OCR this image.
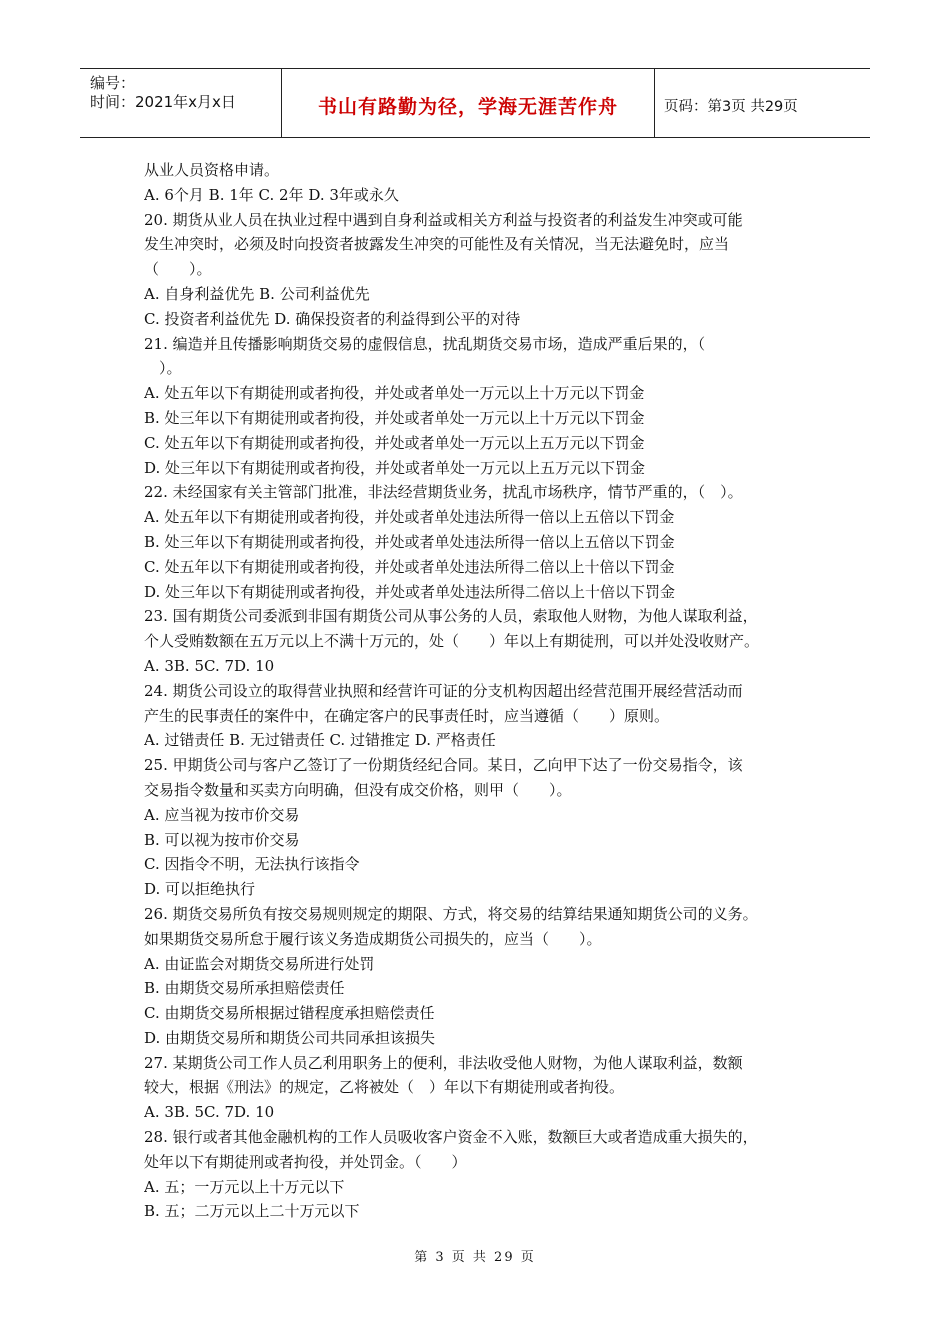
编号：
时间：2021年x月x日	书山有路勤为径，学海无涯苦作舟	页码：第3页 共29页
从业人员资格申请。
A. 6个月 B. 1年 C. 2年 D. 3年或永久
20. 期货从业人员在执业过程中遇到自身利益或相关方利益与投资者的利益发生冲突或可能
发生冲突时，必须及时向投资者披露发生冲突的可能性及有关情况，当无法避免时，应当
（　　）。
A. 自身利益优先 B. 公司利益优先
C. 投资者利益优先 D. 确保投资者的利益得到公平的对待
21. 编造并且传播影响期货交易的虚假信息，扰乱期货交易市场，造成严重后果的，（
　）。
A. 处五年以下有期徒刑或者拘役，并处或者单处一万元以上十万元以下罚金
B. 处三年以下有期徒刑或者拘役，并处或者单处一万元以上十万元以下罚金
C. 处五年以下有期徒刑或者拘役，并处或者单处一万元以上五万元以下罚金
D. 处三年以下有期徒刑或者拘役，并处或者单处一万元以上五万元以下罚金
22. 未经国家有关主管部门批准，非法经营期货业务，扰乱市场秩序，情节严重的，（　）。
A. 处五年以下有期徒刑或者拘役，并处或者单处违法所得一倍以上五倍以下罚金
B. 处三年以下有期徒刑或者拘役，并处或者单处违法所得一倍以上五倍以下罚金
C. 处五年以下有期徒刑或者拘役，并处或者单处违法所得二倍以上十倍以下罚金
D. 处三年以下有期徒刑或者拘役，并处或者单处违法所得二倍以上十倍以下罚金
23. 国有期货公司委派到非国有期货公司从事公务的人员，索取他人财物，为他人谋取利益，
个人受贿数额在五万元以上不满十万元的，处（　　）年以上有期徒刑，可以并处没收财产。
A. 3B. 5C. 7D. 10
24. 期货公司设立的取得营业执照和经营许可证的分支机构因超出经营范围开展经营活动而
产生的民事责任的案件中，在确定客户的民事责任时，应当遵循（　　）原则。
A. 过错责任 B. 无过错责任 C. 过错推定 D. 严格责任
25. 甲期货公司与客户乙签订了一份期货经纪合同。某日，乙向甲下达了一份交易指令，该
交易指令数量和买卖方向明确，但没有成交价格，则甲（　　）。
A. 应当视为按市价交易
B. 可以视为按市价交易
C. 因指令不明，无法执行该指令
D. 可以拒绝执行
26. 期货交易所负有按交易规则规定的期限、方式，将交易的结算结果通知期货公司的义务。
如果期货交易所怠于履行该义务造成期货公司损失的，应当（　　）。
A. 由证监会对期货交易所进行处罚
B. 由期货交易所承担赔偿责任
C. 由期货交易所根据过错程度承担赔偿责任
D. 由期货交易所和期货公司共同承担该损失
27. 某期货公司工作人员乙利用职务上的便利，非法收受他人财物，为他人谋取利益，数额
较大，根据《刑法》的规定，乙将被处（　）年以下有期徒刑或者拘役。
A. 3B. 5C. 7D. 10
28. 银行或者其他金融机构的工作人员吸收客户资金不入账，数额巨大或者造成重大损失的，
处年以下有期徒刑或者拘役，并处罚金。（　　）
A. 五；一万元以上十万元以下
B. 五；二万元以上二十万元以下
第 3 页 共 29 页
